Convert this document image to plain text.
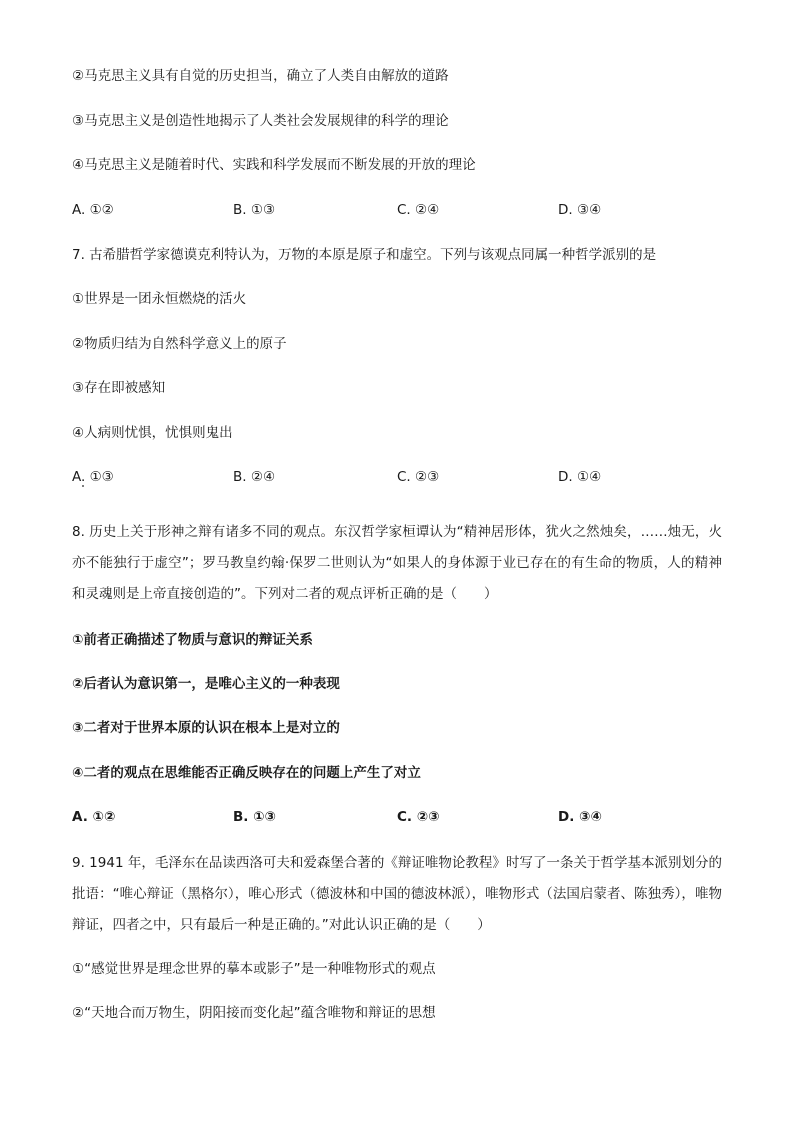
②马克思主义具有自觉的历史担当，确立了人类自由解放的道路
③马克思主义是创造性地揭示了人类社会发展规律的科学的理论
④马克思主义是随着时代、实践和科学发展而不断发展的开放的理论
A. ①②	B. ①③	C. ②④	D. ③④
7. 古希腊哲学家德谟克利特认为，万物的本原是原子和虚空。下列与该观点同属一种哲学派别的是
①世界是一团永恒燃烧的活火
②物质归结为自然科学意义上的原子
③存在即被感知
④人病则忧惧，忧惧则鬼出
A. ①③	B. ②④	C. ②③	D. ①④
8. 历史上关于形神之辩有诸多不同的观点。东汉哲学家桓谭认为“精神居形体，犹火之然烛矣，……烛无，火亦不能独行于虚空”；罗马教皇约翰·保罗二世则认为“如果人的身体源于业已存在的有生命的物质，人的精神和灵魂则是上帝直接创造的”。下列对二者的观点评析正确的是（　　）
①前者正确描述了物质与意识的辩证关系
②后者认为意识第一，是唯心主义的一种表现
③二者对于世界本原的认识在根本上是对立的
④二者的观点在思维能否正确反映存在的问题上产生了对立
A. ①②	B. ①③	C. ②③	D. ③④
9. 1941 年，毛泽东在品读西洛可夫和爱森堡合著的《辩证唯物论教程》时写了一条关于哲学基本派别划分的批语：“唯心辩证（黑格尔），唯心形式（德波林和中国的德波林派），唯物形式（法国启蒙者、陈独秀），唯物辩证，四者之中，只有最后一种是正确的。”对此认识正确的是（　　）
①“感觉世界是理念世界的摹本或影子”是一种唯物形式的观点
②“天地合而万物生，阴阳接而变化起”蕴含唯物和辩证的思想
